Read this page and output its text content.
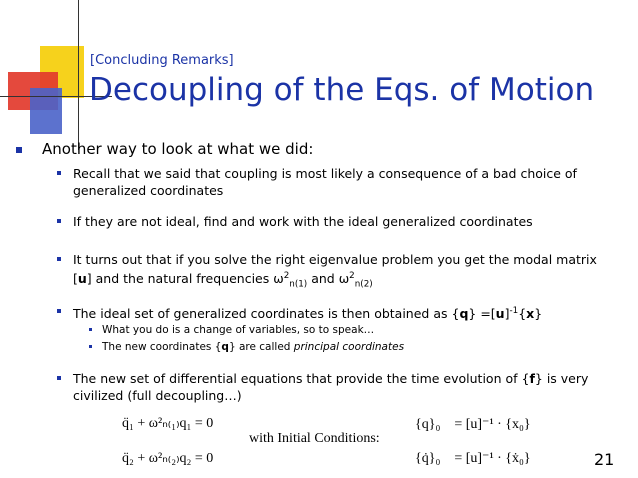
[Concluding Remarks]
Decoupling of the Eqs. of Motion
Another way to look at what we did:
Recall that we said that coupling is most likely a consequence of a bad choice of generalized coordinates
If they are not ideal, find and work with the ideal generalized coordinates
It turns out that if you solve the right eigenvalue problem you get the modal matrix [u] and the natural frequencies $\omega^2_{n(1)}$ and $\omega^2_{n(2)}$
The ideal set of generalized coordinates is then obtained as $\{q\} =[u]^{-1}\{x\}$
What you do is a change of variables, so to speak…
The new coordinates {q} are called principal coordinates
The new set of differential equations that provide the time evolution of {f} is very civilized (full decoupling…)
q̈₁ + ω²ₙ₍₁₎q₁ = 0
q̈₂ + ω²ₙ₍₂₎q₂ = 0
with Initial Conditions:
{q}₀ = [u]⁻¹ · {x₀}
{q̇}₀ = [u]⁻¹ · {ẋ₀}	21
